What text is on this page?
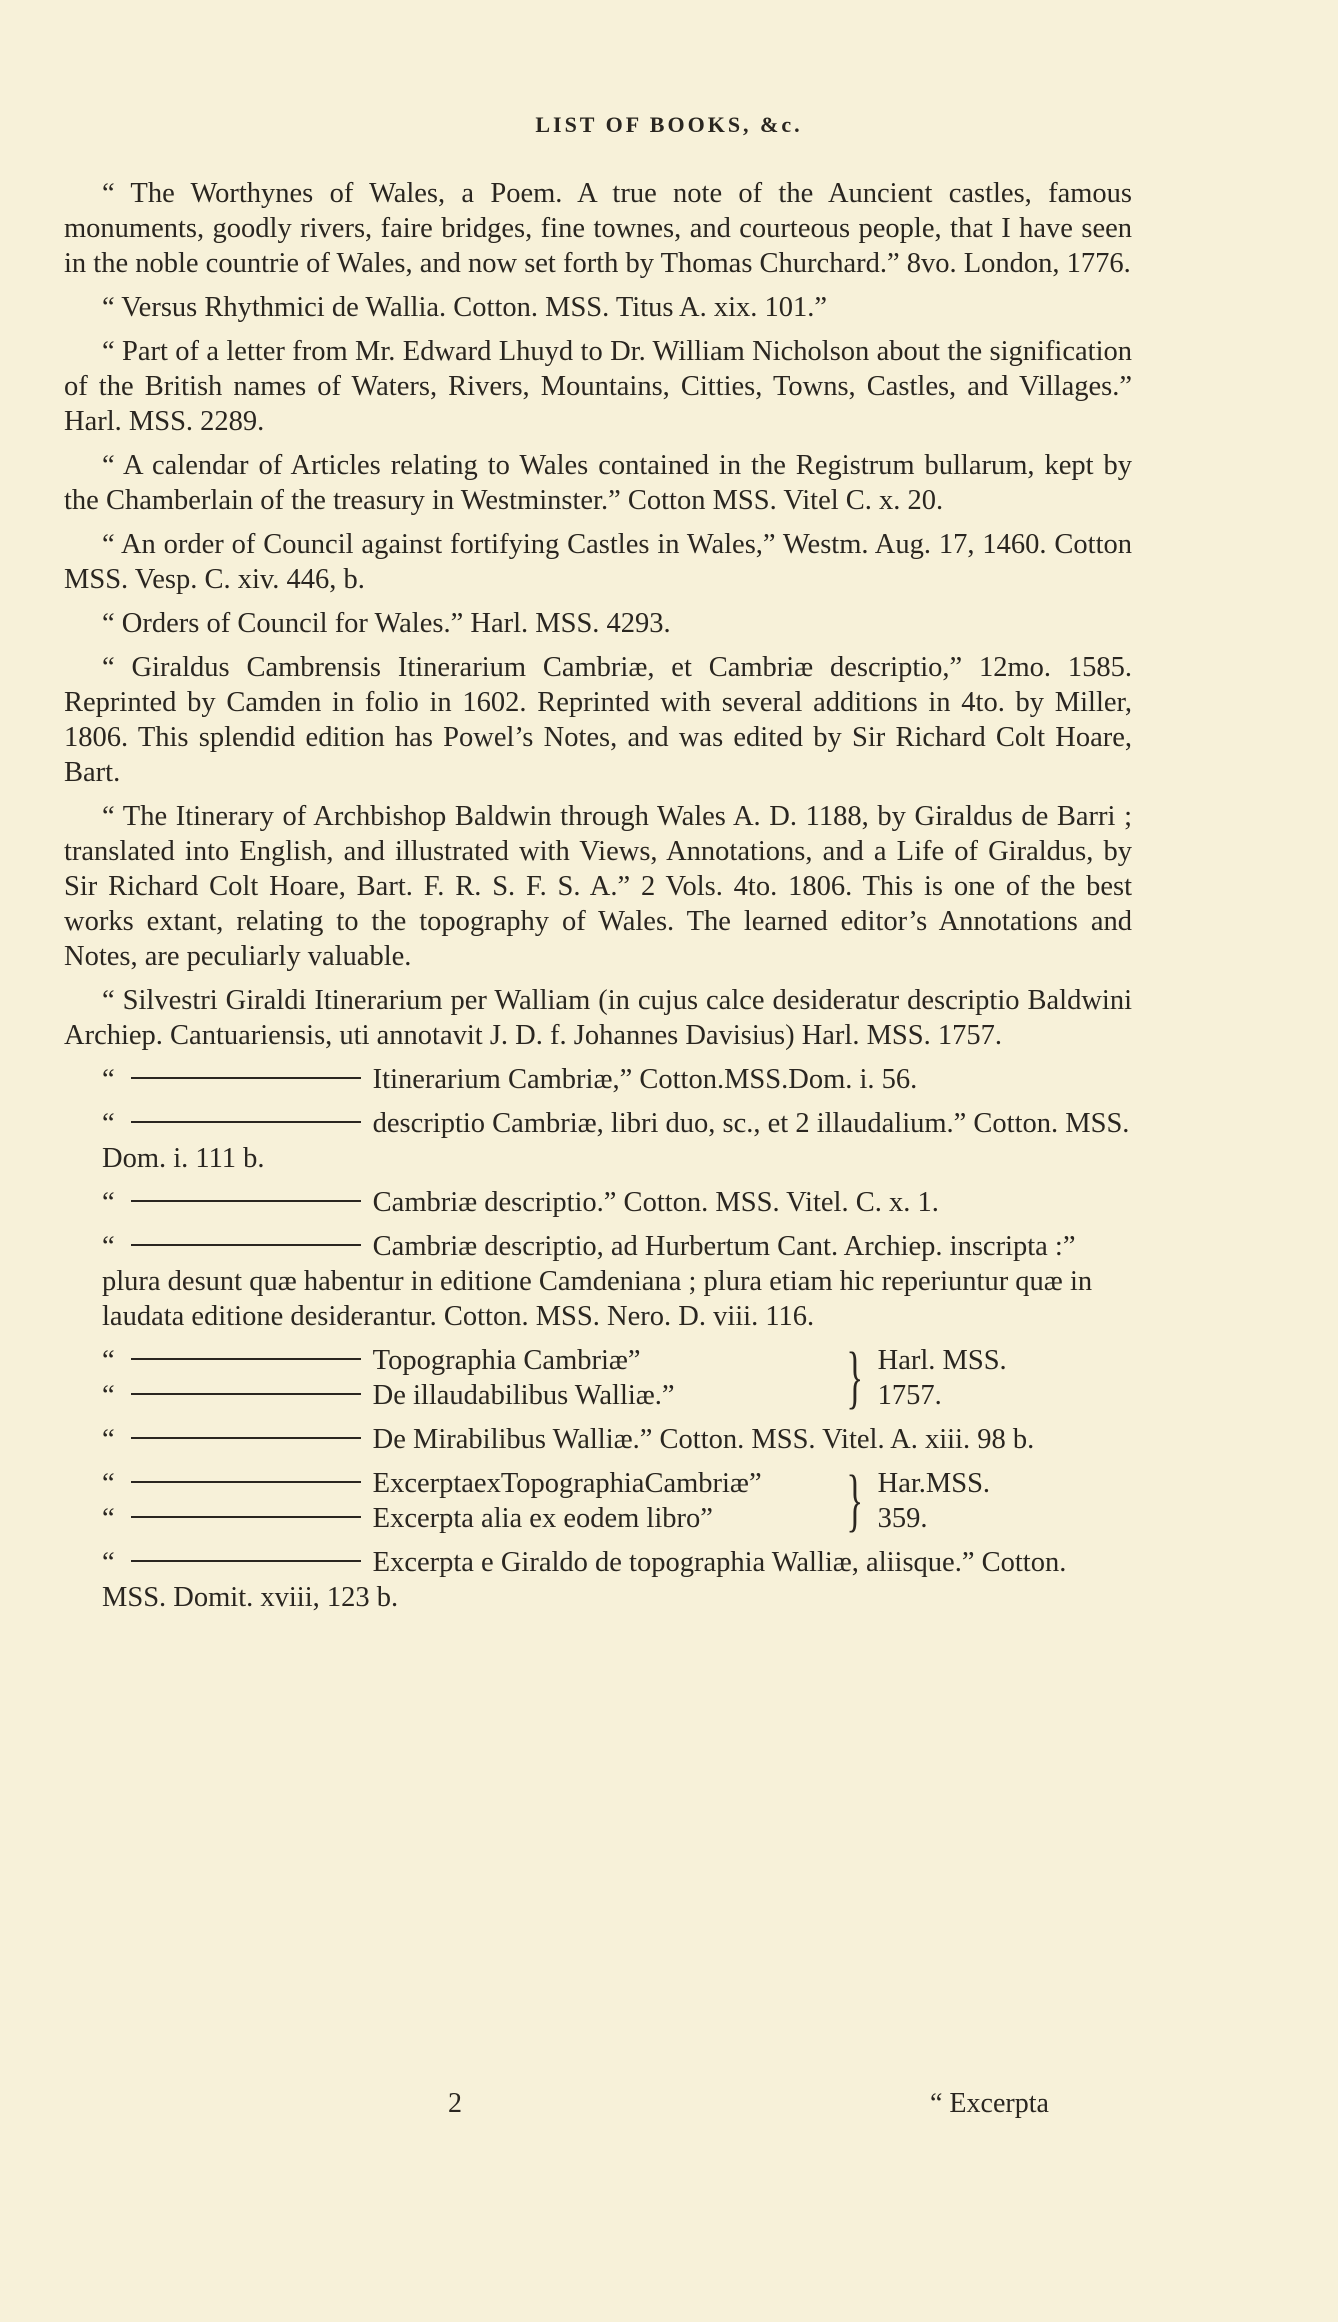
LIST OF BOOKS, &c.

“ The Worthynes of Wales, a Poem. A true note of the Auncient castles, famous monuments, goodly rivers, faire bridges, fine townes, and courteous people, that I have seen in the noble countrie of Wales, and now set forth by Thomas Churchard.” 8vo. London, 1776.

“ Versus Rhythmici de Wallia. Cotton. MSS. Titus A. xix. 101.”

“ Part of a letter from Mr. Edward Lhuyd to Dr. William Nicholson about the signification of the British names of Waters, Rivers, Mountains, Citties, Towns, Castles, and Villages.” Harl. MSS. 2289.

“ A calendar of Articles relating to Wales contained in the Registrum bullarum, kept by the Chamberlain of the treasury in Westminster.” Cotton MSS. Vitel C. x. 20.

“ An order of Council against fortifying Castles in Wales,” Westm. Aug. 17, 1460. Cotton MSS. Vesp. C. xiv. 446, b.

“ Orders of Council for Wales.” Harl. MSS. 4293.

“ Giraldus Cambrensis Itinerarium Cambriæ, et Cambriæ descriptio,” 12mo. 1585. Reprinted by Camden in folio in 1602. Reprinted with several additions in 4to. by Miller, 1806. This splendid edition has Powel’s Notes, and was edited by Sir Richard Colt Hoare, Bart.

“ The Itinerary of Archbishop Baldwin through Wales A. D. 1188, by Giraldus de Barri ; translated into English, and illustrated with Views, Annotations, and a Life of Giraldus, by Sir Richard Colt Hoare, Bart. F. R. S. F. S. A.” 2 Vols. 4to. 1806. This is one of the best works extant, relating to the topography of Wales. The learned editor’s Annotations and Notes, are peculiarly valuable.

“ Silvestri Giraldi Itinerarium per Walliam (in cujus calce desideratur descriptio Baldwini Archiep. Cantuariensis, uti annotavit J. D. f. Johannes Davisius) Harl. MSS. 1757.

“	Itinerarium Cambriæ,” Cotton.MSS.Dom. i. 56.

“	descriptio Cambriæ, libri duo, sc., et 2 illaudalium.” Cotton. MSS. Dom. i. 111 b.

“	Cambriæ descriptio.” Cotton. MSS. Vitel. C. x. 1.

“	Cambriæ descriptio, ad Hurbertum Cant. Archiep. inscripta :” plura desunt quæ habentur in editione Camdeniana ; plura etiam hic reperiuntur quæ in laudata editione desiderantur. Cotton. MSS. Nero. D. viii. 116.

“	Topographia Cambriæ”
“	De illaudabilibus Walliæ.”	} Harl. MSS.
1757.

“	De Mirabilibus Walliæ.” Cotton. MSS. Vitel. A. xiii. 98 b.

“	ExcerptaexTopographiaCambriæ”
“	Excerpta alia ex eodem libro”	} Har.MSS.
359.

“	Excerpta e Giraldo de topographia Walliæ, aliisque.” Cotton. MSS. Domit. xviii, 123 b.

2	“ Excerpta
